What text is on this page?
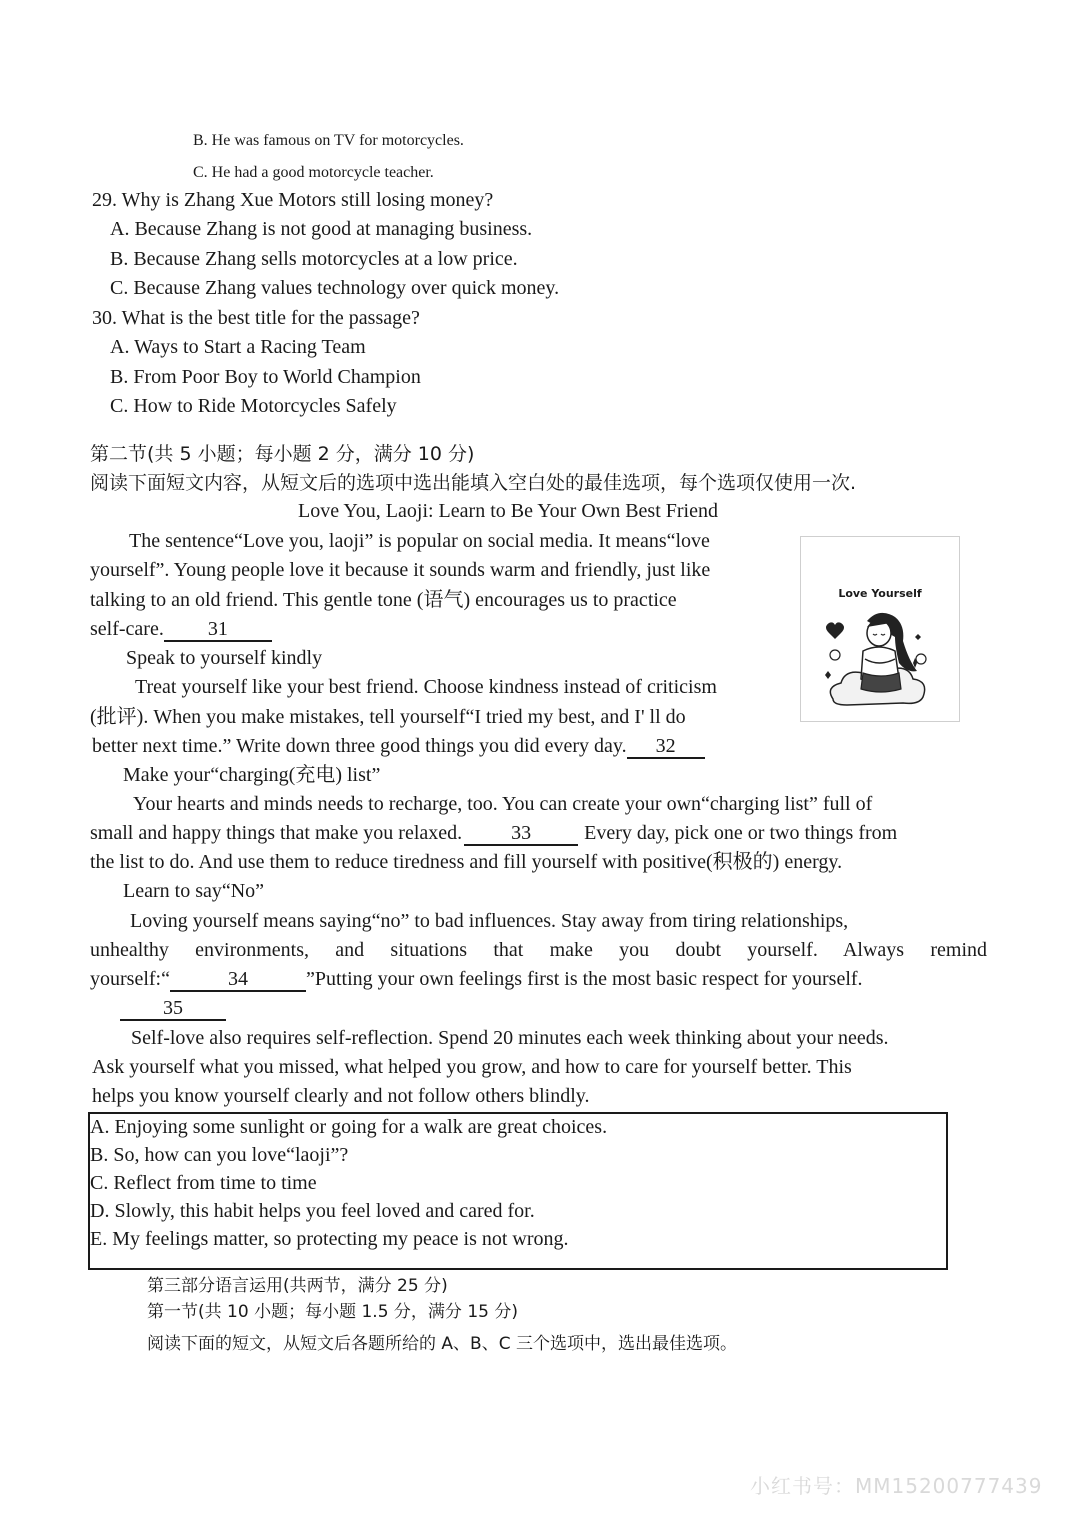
B. He was famous on TV for motorcycles.
C. He had a good motorcycle teacher.
29. Why is Zhang Xue Motors still losing money?
A. Because Zhang is not good at managing business.
B. Because Zhang sells motorcycles at a low price.
C. Because Zhang values technology over quick money.
30. What is the best title for the passage?
A. Ways to Start a Racing Team
B. From Poor Boy to World Champion
C. How to Ride Motorcycles Safely
第二节(共 5 小题；每小题 2 分，满分 10 分)
阅读下面短文内容，从短文后的选项中选出能填入空白处的最佳选项，每个选项仅使用一次.
Love You, Laoji: Learn to Be Your Own Best Friend
The sentence“Love you, laoji” is popular on social media. It means“love
yourself”. Young people love it because it sounds warm and friendly, just like
talking to an old friend. This gentle tone (语气) encourages us to practice
self-care. 31
Speak to yourself kindly
Treat yourself like your best friend. Choose kindness instead of criticism
(批评). When you make mistakes, tell yourself“I tried my best, and I' ll do
better next time.” Write down three good things you did every day. 32
Make your“charging(充电) list”
Your hearts and minds needs to recharge, too. You can create your own“charging list” full of
small and happy things that make you relaxed. 33	Every day, pick one or two things from
the list to do. And use them to reduce tiredness and fill yourself with positive(积极的) energy.
Learn to say“No”
Loving yourself means saying“no” to bad influences. Stay away from tiring relationships,
unhealthy environments, and situations that make you doubt yourself. Always remind
yourself:“	34	”Putting your own feelings first is the most basic respect for yourself.
35
Self-love also requires self-reflection. Spend 20 minutes each week thinking about your needs.
Ask yourself what you missed, what helped you grow, and how to care for yourself better. This
helps you know yourself clearly and not follow others blindly.
Love Yourself
A. Enjoying some sunlight or going for a walk are great choices.
B. So, how can you love“laoji”?
C. Reflect from time to time
D. Slowly, this habit helps you feel loved and cared for.
E. My feelings matter, so protecting my peace is not wrong.
第三部分语言运用(共两节，满分 25 分)
第一节(共 10 小题；每小题 1.5 分，满分 15 分)
阅读下面的短文，从短文后各题所给的 A、B、C 三个选项中，选出最佳选项。
小红书号：MM15200777439
